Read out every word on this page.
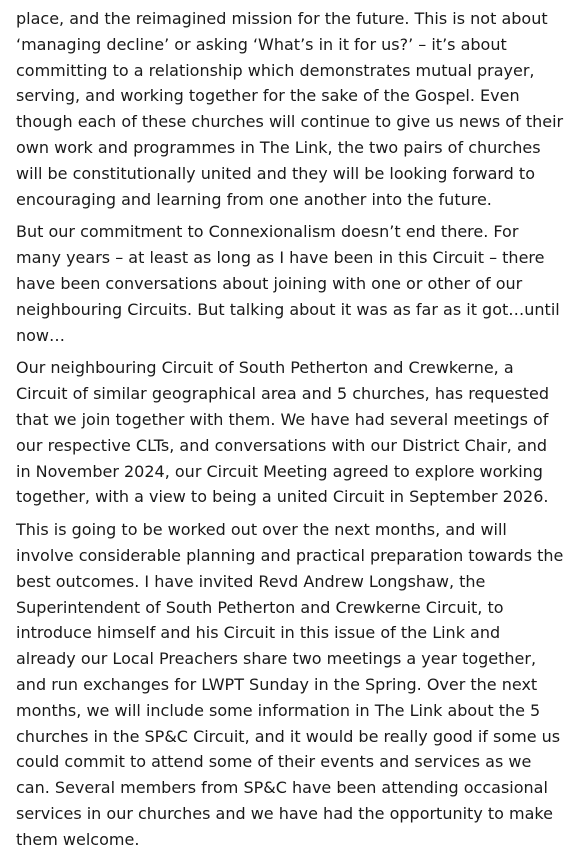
place, and the reimagined mission for the future. This is not about ‘managing decline’ or asking ‘What’s in it for us?’ – it’s about committing to a relationship which demonstrates mutual prayer, serving, and working together for the sake of the Gospel. Even though each of these churches will continue to give us news of their own work and programmes in The Link, the two pairs of churches will be constitutionally united and they will be looking forward to encouraging and learning from one another into the future.

But our commitment to Connexionalism doesn’t end there. For many years – at least as long as I have been in this Circuit – there have been conversations about joining with one or other of our neighbouring Circuits. But talking about it was as far as it got…until now…

Our neighbouring Circuit of South Petherton and Crewkerne, a Circuit of similar geographical area and 5 churches, has requested that we join together with them. We have had several meetings of our respective CLTs, and conversations with our District Chair, and in November 2024, our Circuit Meeting agreed to explore working together, with a view to being a united Circuit in September 2026.

This is going to be worked out over the next months, and will involve considerable planning and practical preparation towards the best outcomes. I have invited Revd Andrew Longshaw, the Superintendent of South Petherton and Crewkerne Circuit, to introduce himself and his Circuit in this issue of the Link and already our Local Preachers share two meetings a year together, and run exchanges for LWPT Sunday in the Spring. Over the next months, we will include some information in The Link about the 5 churches in the SP&C Circuit, and it would be really good if some us could commit to attend some of their events and services as we can. Several members from SP&C have been attending occasional services in our churches and we have had the opportunity to make them welcome.
